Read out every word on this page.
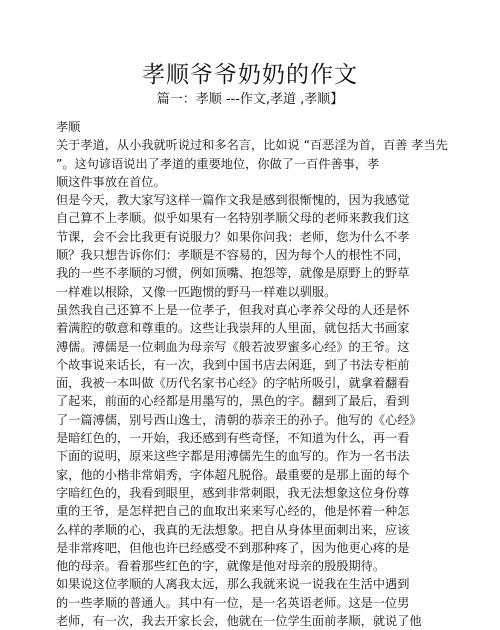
孝顺爷爷奶奶的作文
篇一：孝顺 ---作文,孝道 ,孝顺】
孝顺
关于孝道，从小我就听说过和多名言，比如说 “百恶淫为首，百善 孝当先
”。这句谚语说出了孝道的重要地位，你做了一百件善事，孝
顺这件事放在首位。
但是今天，教大家写这样一篇作文我是感到很惭愧的，因为我感觉
自己算不上孝顺。似乎如果有一名特别孝顺父母的老师来教我们这
节课，会不会比我更有说服力？如果你问我：老师，您为什么不孝
顺？我只想告诉你们：孝顺是不容易的，因为每个人的根性不同，
我的一些不孝顺的习惯，例如顶嘴、抱怨等，就像是原野上的野草
一样难以根除，又像一匹跑惯的野马一样难以驯服。
虽然我自己还算不上是一位孝子，但我对真心孝养父母的人还是怀
着满腔的敬意和尊重的。这些让我崇拜的人里面，就包括大书画家
溥儒。溥儒是一位刺血为母亲写《般若波罗蜜多心经》的王爷。这
个故事说来话长，有一次，我到中国书店去闲逛，到了书法专柜前
面，我被一本叫做《历代名家书心经》的字帖所吸引，就拿着翻看
了起来，前面的心经都是用墨写的，黑色的字。翻到了最后，看到
了一篇溥儒，别号西山逸士，清朝的恭亲王的孙子。他写的《心经》
是暗红色的，一开始，我还感到有些奇怪，不知道为什么，再一看
下面的说明，原来这些字都是用溥儒先生的血写的。作为一名书法
家，他的小楷非常娟秀，字体超凡脱俗。最重要的是那上面的每个
字暗红色的，我看到眼里，感到非常刺眼，我无法想象这位身份尊
重的王爷，是怎样把自己的血取出来来写心经的，他是怀着一种怎
么样的孝顺的心，我真的无法想象。把自从身体里面刺出来，应该
是非常疼吧，但他也许已经感受不到那种疼了，因为他更心疼的是
他的母亲。看着那些红色的字，就像是他对母亲的殷殷期待。
如果说这位孝顺的人离我太远，那么我就来说一说我在生活中遇到
的一些孝顺的普通人。其中有一位，是一名英语老师。这是一位男
老师，有一次，我去开家长会，他就在一位学生面前孝顺，就说了他
